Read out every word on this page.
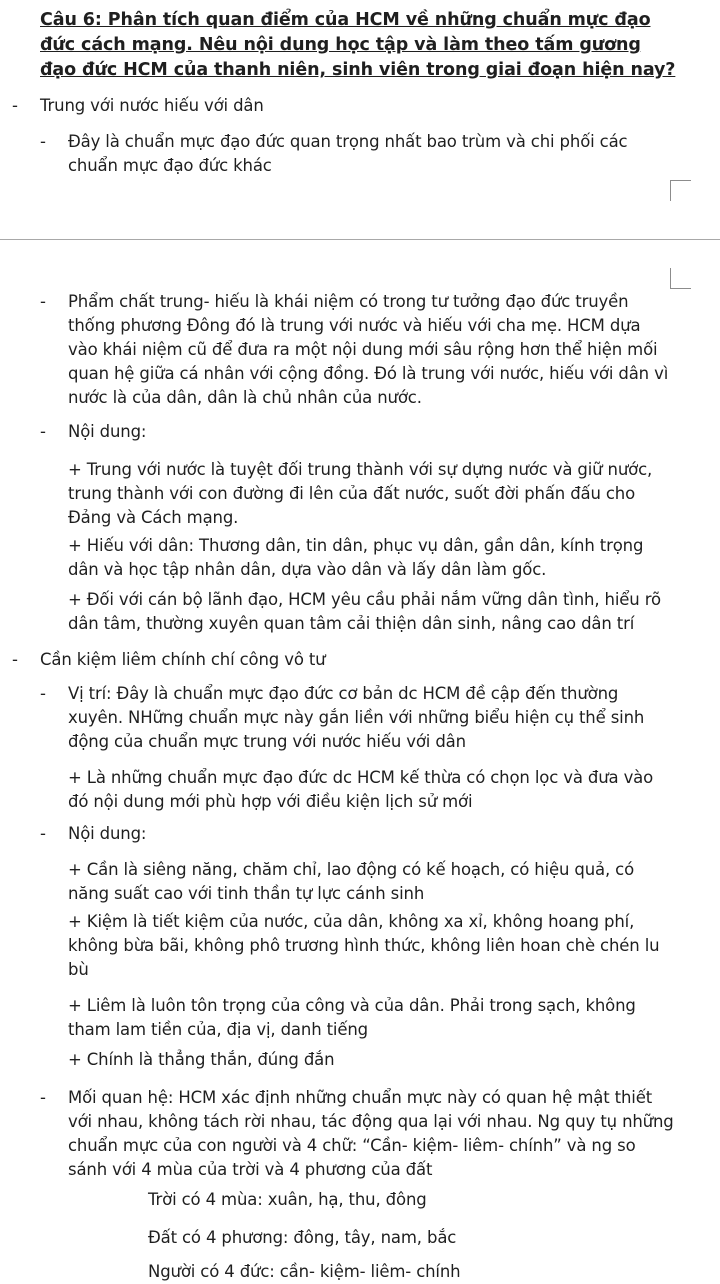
Câu 6: Phân tích quan điểm của HCM về những chuẩn mực đạo đức cách mạng. Nêu nội dung học tập và làm theo tấm gương đạo đức HCM của thanh niên, sinh viên trong giai đoạn hiện nay?
- Trung với nước hiếu với dân
- Đây là chuẩn mực đạo đức quan trọng nhất bao trùm và chi phối các chuẩn mực đạo đức khác
- Phẩm chất trung- hiếu là khái niệm có trong tư tưởng đạo đức truyền thống phương Đông đó là trung với nước và hiếu với cha mẹ. HCM dựa vào khái niệm cũ để đưa ra một nội dung mới sâu rộng hơn thể hiện mối quan hệ giữa cá nhân với cộng đồng. Đó là trung với nước, hiếu với dân vì nước là của dân, dân là chủ nhân của nước.
- Nội dung:
+ Trung với nước là tuyệt đối trung thành với sự dựng nước và giữ nước, trung thành với con đường đi lên của đất nước, suốt đời phấn đấu cho Đảng và Cách mạng.
+ Hiếu với dân: Thương dân, tin dân, phục vụ dân, gần dân, kính trọng dân và học tập nhân dân, dựa vào dân và lấy dân làm gốc.
+ Đối với cán bộ lãnh đạo, HCM yêu cầu phải nắm vững dân tình, hiểu rõ dân tâm, thường xuyên quan tâm cải thiện dân sinh, nâng cao dân trí
- Cần kiệm liêm chính chí công vô tư
- Vị trí: Đây là chuẩn mực đạo đức cơ bản dc HCM đề cập đến thường xuyên. NHững chuẩn mực này gắn liền với những biểu hiện cụ thể sinh động của chuẩn mực trung với nước hiếu với dân
+ Là những chuẩn mực đạo đức dc HCM kế thừa có chọn lọc và đưa vào đó nội dung mới phù hợp với điều kiện lịch sử mới
- Nội dung:
+ Cần là siêng năng, chăm chỉ, lao động có kế hoạch, có hiệu quả, có năng suất cao với tinh thần tự lực cánh sinh
+ Kiệm là tiết kiệm của nước, của dân, không xa xỉ, không hoang phí, không bừa bãi, không phô trương hình thức, không liên hoan chè chén lu bù
+ Liêm là luôn tôn trọng của công và của dân. Phải trong sạch, không tham lam tiền của, địa vị, danh tiếng
+ Chính là thẳng thắn, đúng đắn
- Mối quan hệ: HCM xác định những chuẩn mực này có quan hệ mật thiết với nhau, không tách rời nhau, tác động qua lại với nhau. Ng quy tụ những chuẩn mực của con người và 4 chữ: “Cần- kiệm- liêm- chính” và ng so sánh với 4 mùa của trời và 4 phương của đất
Trời có 4 mùa: xuân, hạ, thu, đông
Đất có 4 phương: đông, tây, nam, bắc
Người có 4 đức: cần- kiệm- liêm- chính
